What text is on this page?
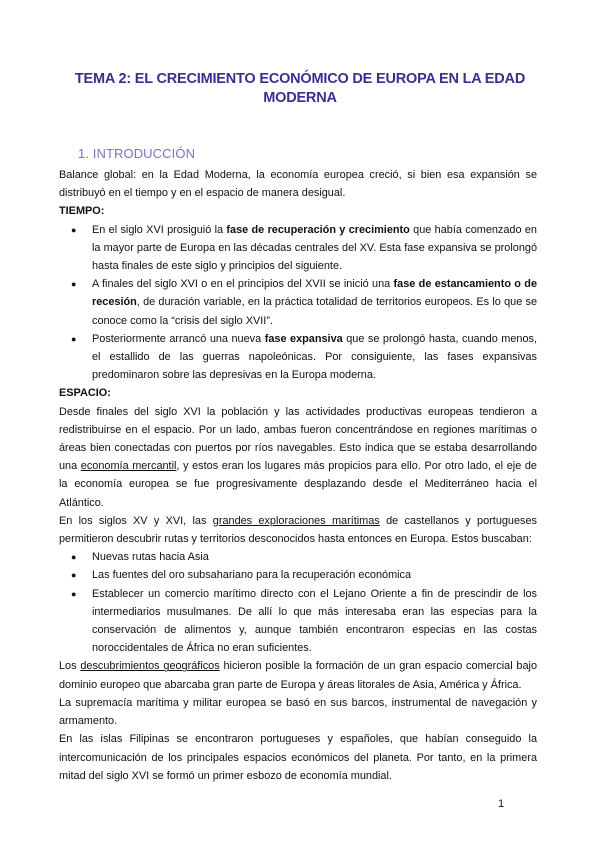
TEMA 2: EL CRECIMIENTO ECONÓMICO DE EUROPA EN LA EDAD
MODERNA
1. INTRODUCCIÓN

Balance global: en la Edad Moderna, la economía europea creció, si bien esa expansión se distribuyó en el tiempo y en el espacio de manera desigual.

TIEMPO:

● En el siglo XVI prosiguió la fase de recuperación y crecimiento que había comenzado en la mayor parte de Europa en las décadas centrales del XV. Esta fase expansiva se prolongó hasta finales de este siglo y principios del siguiente.
● A finales del siglo XVI o en el principios del XVII se inició una fase de estancamiento o de recesión, de duración variable, en la práctica totalidad de territorios europeos. Es lo que se conoce como la “crisis del siglo XVII”.
● Posteriormente arrancó una nueva fase expansiva que se prolongó hasta, cuando menos, el estallido de las guerras napoleónicas. Por consiguiente, las fases expansivas predominaron sobre las depresivas en la Europa moderna.

ESPACIO:

Desde finales del siglo XVI la población y las actividades productivas europeas tendieron a redistribuirse en el espacio. Por un lado, ambas fueron concentrándose en regiones marítimas o áreas bien conectadas con puertos por ríos navegables. Esto indica que se estaba desarrollando una economía mercantil, y estos eran los lugares más propicios para ello. Por otro lado, el eje de la economía europea se fue progresivamente desplazando desde el Mediterráneo hacia el Atlántico.

En los siglos XV y XVI, las grandes exploraciones marítimas de castellanos y portugueses permitieron descubrir rutas y territorios desconocidos hasta entonces en Europa. Estos buscaban:

● Nuevas rutas hacia Asia
● Las fuentes del oro subsahariano para la recuperación económica
● Establecer un comercio marítimo directo con el Lejano Oriente a fin de prescindir de los intermediarios musulmanes. De allí lo que más interesaba eran las especias para la conservación de alimentos y, aunque también encontraron especias en las costas noroccidentales de África no eran suficientes.

Los descubrimientos geográficos hicieron posible la formación de un gran espacio comercial bajo dominio europeo que abarcaba gran parte de Europa y áreas litorales de Asia, América y África.

La supremacía marítima y militar europea se basó en sus barcos, instrumental de navegación y armamento.

En las islas Filipinas se encontraron portugueses y españoles, que habían conseguido la intercomunicación de los principales espacios económicos del planeta. Por tanto, en la primera mitad del siglo XVI se formó un primer esbozo de economía mundial.

1
